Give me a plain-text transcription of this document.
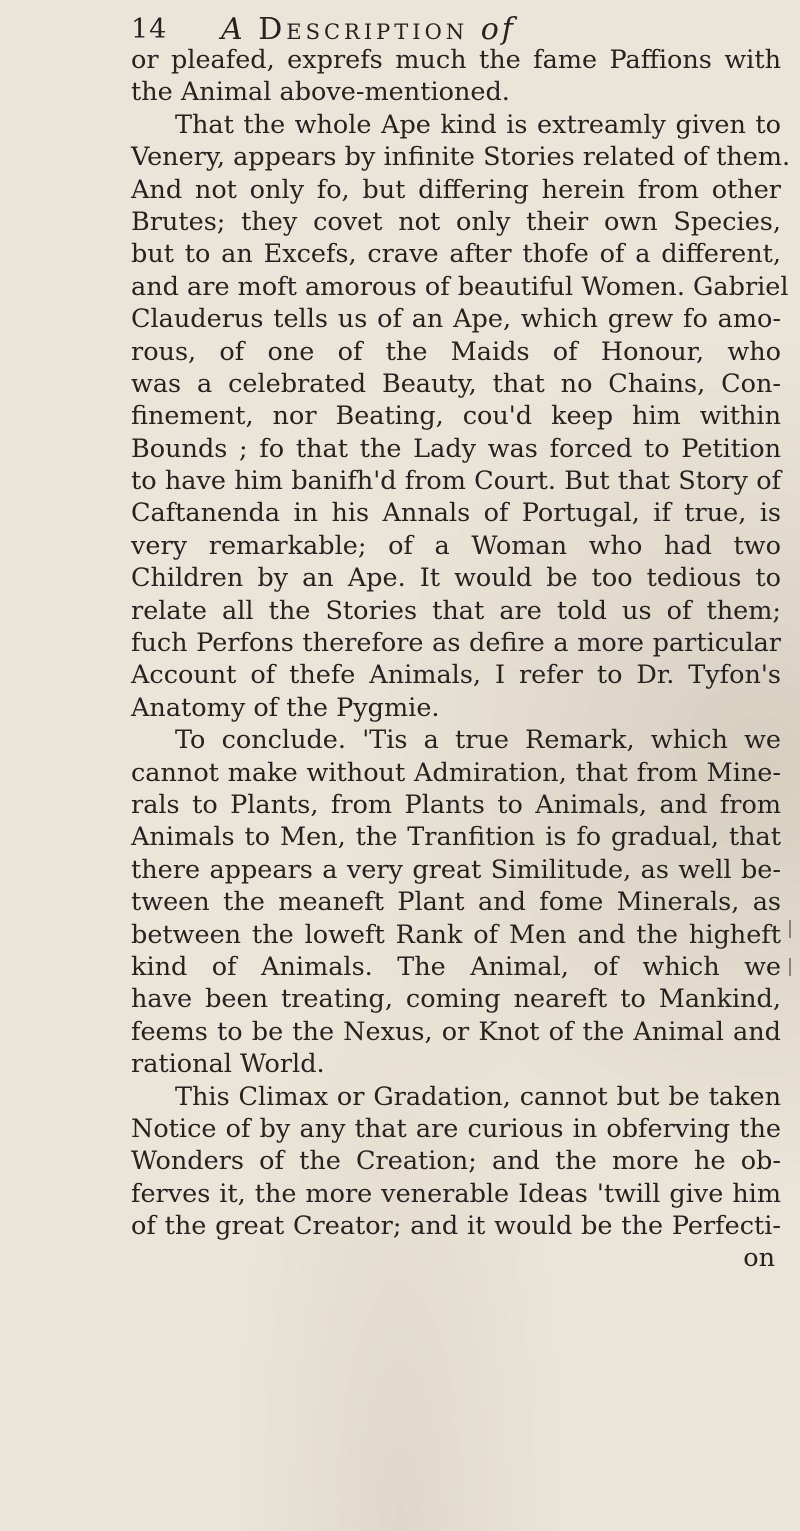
14 A Description of
or pleafed, exprefs much the fame Paffions with
the Animal above-mentioned.
That the whole Ape kind is extreamly given to
Venery, appears by infinite Stories related of them.
And not only fo, but differing herein from other
Brutes; they covet not only their own Species,
but to an Excefs, crave after thofe of a different,
and are moft amorous of beautiful Women. Gabriel
Clauderus tells us of an Ape, which grew fo amo-
rous, of one of the Maids of Honour, who
was a celebrated Beauty, that no Chains, Con-
finement, nor Beating, cou'd keep him within
Bounds ; fo that the Lady was forced to Petition
to have him banifh'd from Court. But that Story of
Caftanenda in his Annals of Portugal, if true, is
very remarkable; of a Woman who had two
Children by an Ape. It would be too tedious to
relate all the Stories that are told us of them;
fuch Perfons therefore as defire a more particular
Account of thefe Animals, I refer to Dr. Tyfon's
Anatomy of the Pygmie.
To conclude. 'Tis a true Remark, which we
cannot make without Admiration, that from Mine-
rals to Plants, from Plants to Animals, and from
Animals to Men, the Tranfition is fo gradual, that
there appears a very great Similitude, as well be-
tween the meaneft Plant and fome Minerals, as
between the loweft Rank of Men and the higheft
kind of Animals. The Animal, of which we
have been treating, coming neareft to Mankind,
feems to be the Nexus, or Knot of the Animal and
rational World.
This Climax or Gradation, cannot but be taken
Notice of by any that are curious in obferving the
Wonders of the Creation; and the more he ob-
ferves it, the more venerable Ideas 'twill give him
of the great Creator; and it would be the Perfecti-
on
